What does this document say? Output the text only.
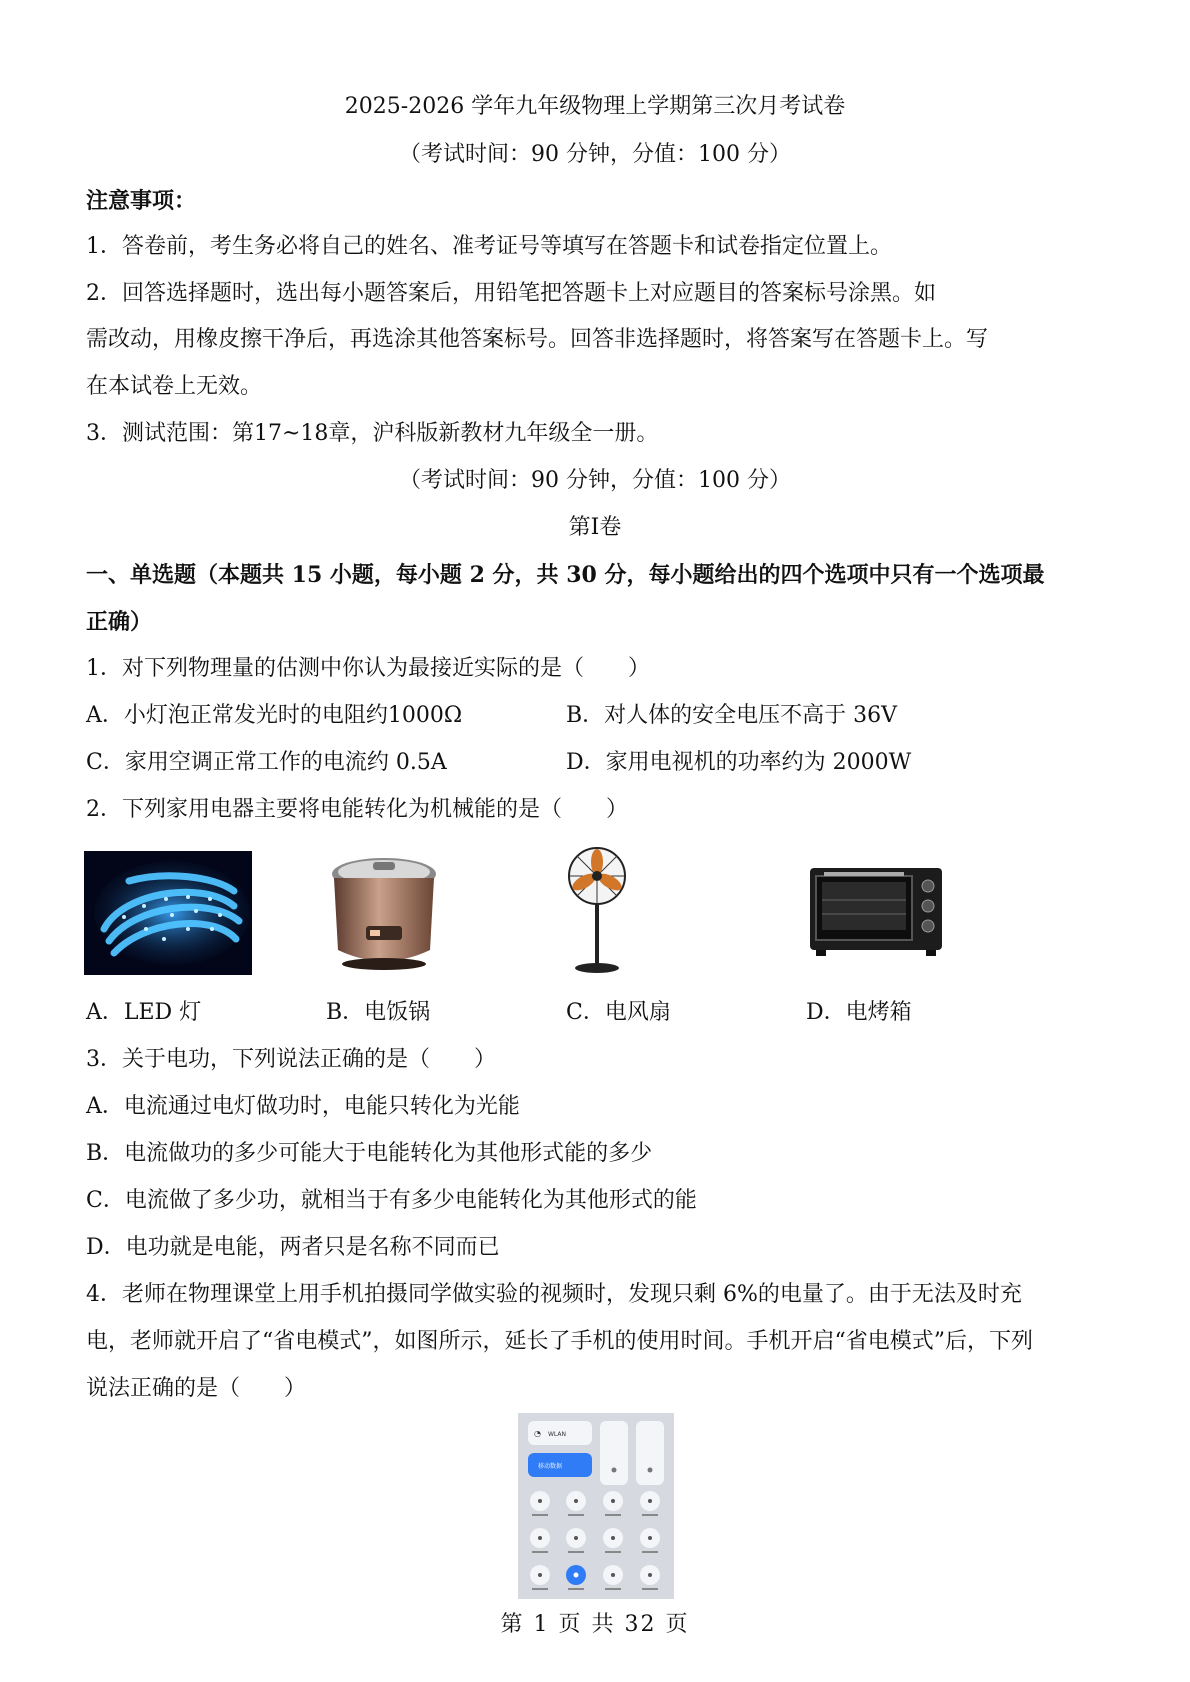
2025-2026 学年九年级物理上学期第三次月考试卷
（考试时间：90 分钟，分值：100 分）
注意事项：
1．答卷前，考生务必将自己的姓名、准考证号等填写在答题卡和试卷指定位置上。
2．回答选择题时，选出每小题答案后，用铅笔把答题卡上对应题目的答案标号涂黑。如
需改动，用橡皮擦干净后，再选涂其他答案标号。回答非选择题时，将答案写在答题卡上。写
在本试卷上无效。
3．测试范围：第17~18章，沪科版新教材九年级全一册。
（考试时间：90 分钟，分值：100 分）
第Ⅰ卷
一、单选题（本题共 15 小题，每小题 2 分，共 30 分，每小题给出的四个选项中只有一个选项最
正确）
1．对下列物理量的估测中你认为最接近实际的是（　　）
A．小灯泡正常发光时的电阻约1000Ω	B．对人体的安全电压不高于 36V
C．家用空调正常工作的电流约 0.5A	D．家用电视机的功率约为 2000W
2．下列家用电器主要将电能转化为机械能的是（　　）
A．LED 灯	B．电饭锅	C．电风扇	D．电烤箱
3．关于电功，下列说法正确的是（　　）
A．电流通过电灯做功时，电能只转化为光能
B．电流做功的多少可能大于电能转化为其他形式能的多少
C．电流做了多少功，就相当于有多少电能转化为其他形式的能
D．电功就是电能，两者只是名称不同而已
4．老师在物理课堂上用手机拍摄同学做实验的视频时，发现只剩 6%的电量了。由于无法及时充
电，老师就开启了“省电模式”，如图所示，延长了手机的使用时间。手机开启“省电模式”后，下列
说法正确的是（　　）
WLAN
◔
移动数据
第 1 页 共 32 页
